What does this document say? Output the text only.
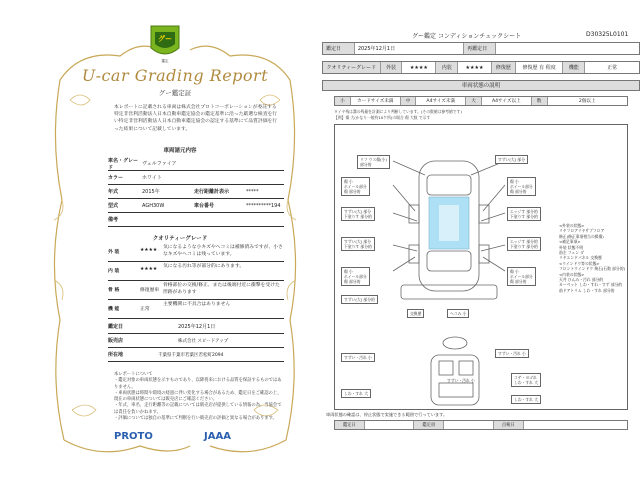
グー
鑑定
U-car Grading Report
グー鑑定証
本レポートに記載される車両は株式会社プロトコーポレーションが委託する特定非営利活動法人日本自動車鑑定協会の鑑定基準に沿った厳選な検査を行い特定非営利活動法人日本自動車鑑定協会の認定する基準にて品質評価を行った結果について記載しています。
車両諸元内容
車名・グレード
ヴェルファイア
カラー	ホワイト
年式	2015年	走行距離計表示	*****
型式	AGH30W	車台番号	**********194
備考
クオリティーグレード
外 装	★★★★
気になるような小キズやヘコミは補修済みですが、小さなキズやヘコミは残っています。
内 装	★★★★
気になる汚れ等が部分的にあります。
骨 格	修復歴車
骨格部位の交換/修正、または後端付近に衝撃を受けた形跡があります
機 能	正常
主要機関に不具合はありません
鑑定日	2025年12月1日
販売店	株式会社 スピードアップ
所在地	千葉県千葉市若葉区若松町2094
本レポートについて
・鑑定対象の車両状態を示すものであり、以降将来における品質を保証するものではありません。
・車両状態は時間や環境の経過に伴い変化する場合があるため、鑑定日をご確認の上、現在の車両状態については販売店にご確認ください。
・年式、車名、走行距離等の記載については販売店が提供している情報の為、当協会では責任を負いかねます。
・評価については独自の基準にて判断を行い販売店の評価と異なる場合があります。
PROTO	JAAA
グー鑑定 コンディションチェックシート	D30325L0101
鑑定日	2025年12月1日	再鑑定日
クオリティーグレード	外装	★★★★	内装	★★★★	修復歴	修復歴 有 程度	機能	正常
車両状態の説明
小	カードサイズ未満	中	A4サイズ未満	大	A4サイズ以上	数	2個以上
タイヤ残は溝の残量を計測により判断しています。(その数値は参考値です)
【例】傷 大(かなり一般約10ケ所)の場合 傷 大数 で示す
リフ ウス傷(小)
部分的
傷 小
ホイール部分
傷 部分的
すずい(大) 部分
下塗りす 部分的
すずい(大) 部分
下塗りす 部分的
傷 小
ホイール部分
傷 部分的
すずい(大) 部分的
すずい(大) 部分

傷 小
ホイール部分
傷 部分的
エッジす 部分的
下塗りす 部分的
エッジす 部分的
下塗りす 部分的
傷 小
ホイール部分
傷 部分的
交換歴	ヘコみ 小
すずい・汚れ 小
すずい・汚れ 小
コゲ・ヨゴれ
しわ・すれ 大
しわ・すれ 大
しわ・すれ 大
すずい・汚れ 小
<外装の状態>
リヤフロアリヤサブフロア
修正(修正事項相当の損傷)
<補足事項>
外装 状態不明
前左 フェン ダ
リヤエンドパネル 交換歴
<ウインドウ等の状態>
フロントウインドウ 飛石(石数 部分的)
<内装の状態>
天井 ひんみ・汚れ 部分的
カーペット しわ・すれ・すず 部分的
前ドアトリム しわ・すれ 部分的
車両状態の確認は、停止状態で実施できる範囲で行っています。
鑑定日	鑑定員	点検日
